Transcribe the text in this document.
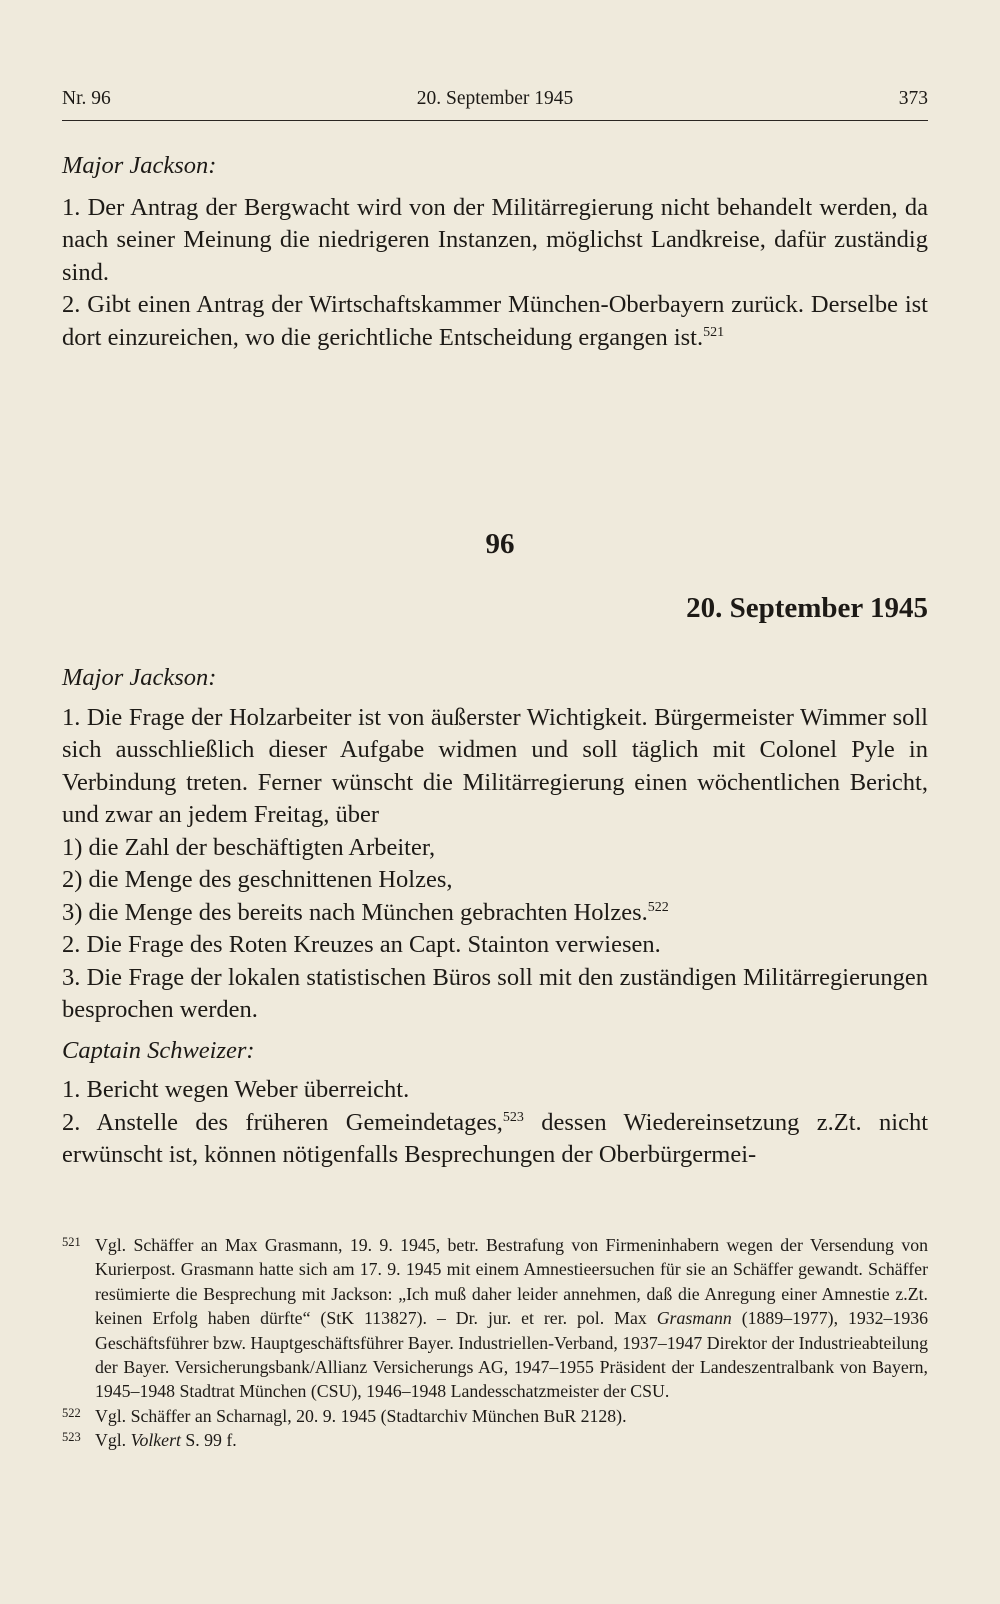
Nr. 96	20. September 1945	373

Major Jackson:

1. Der Antrag der Bergwacht wird von der Militärregierung nicht behandelt werden, da nach seiner Meinung die niedrigeren Instanzen, möglichst Landkreise, dafür zuständig sind.

2. Gibt einen Antrag der Wirtschaftskammer München-Oberbayern zurück. Derselbe ist dort einzureichen, wo die gerichtliche Entscheidung ergangen ist.$^{521}$

96
20. September 1945

Major Jackson:

1. Die Frage der Holzarbeiter ist von äußerster Wichtigkeit. Bürgermeister Wimmer soll sich ausschließlich dieser Aufgabe widmen und soll täglich mit Colonel Pyle in Verbindung treten. Ferner wünscht die Militärregierung einen wöchentlichen Bericht, und zwar an jedem Freitag, über

1) die Zahl der beschäftigten Arbeiter,

2) die Menge des geschnittenen Holzes,

3) die Menge des bereits nach München gebrachten Holzes.$^{522}$

2. Die Frage des Roten Kreuzes an Capt. Stainton verwiesen.

3. Die Frage der lokalen statistischen Büros soll mit den zuständigen Militärregierungen besprochen werden.

Captain Schweizer:

1. Bericht wegen Weber überreicht.

2. Anstelle des früheren Gemeindetages,$^{523}$ dessen Wiedereinsetzung z.Zt. nicht erwünscht ist, können nötigenfalls Besprechungen der Oberbürgermei-

521 Vgl. Schäffer an Max Grasmann, 19. 9. 1945, betr. Bestrafung von Firmeninhabern wegen der Versendung von Kurierpost. Grasmann hatte sich am 17. 9. 1945 mit einem Amnestieersuchen für sie an Schäffer gewandt. Schäffer resümierte die Besprechung mit Jackson: „Ich muß daher leider annehmen, daß die Anregung einer Amnestie z.Zt. keinen Erfolg haben dürfte“ (StK 113827). – Dr. jur. et rer. pol. Max Grasmann (1889–1977), 1932–1936 Geschäftsführer bzw. Hauptgeschäftsführer Bayer. Industriellen-Verband, 1937–1947 Direktor der Industrieabteilung der Bayer. Versicherungsbank/Allianz Versicherungs AG, 1947–1955 Präsident der Landeszentralbank von Bayern, 1945–1948 Stadtrat München (CSU), 1946–1948 Landesschatzmeister der CSU.
522 Vgl. Schäffer an Scharnagl, 20. 9. 1945 (Stadtarchiv München BuR 2128).
523 Vgl. Volkert S. 99 f.
